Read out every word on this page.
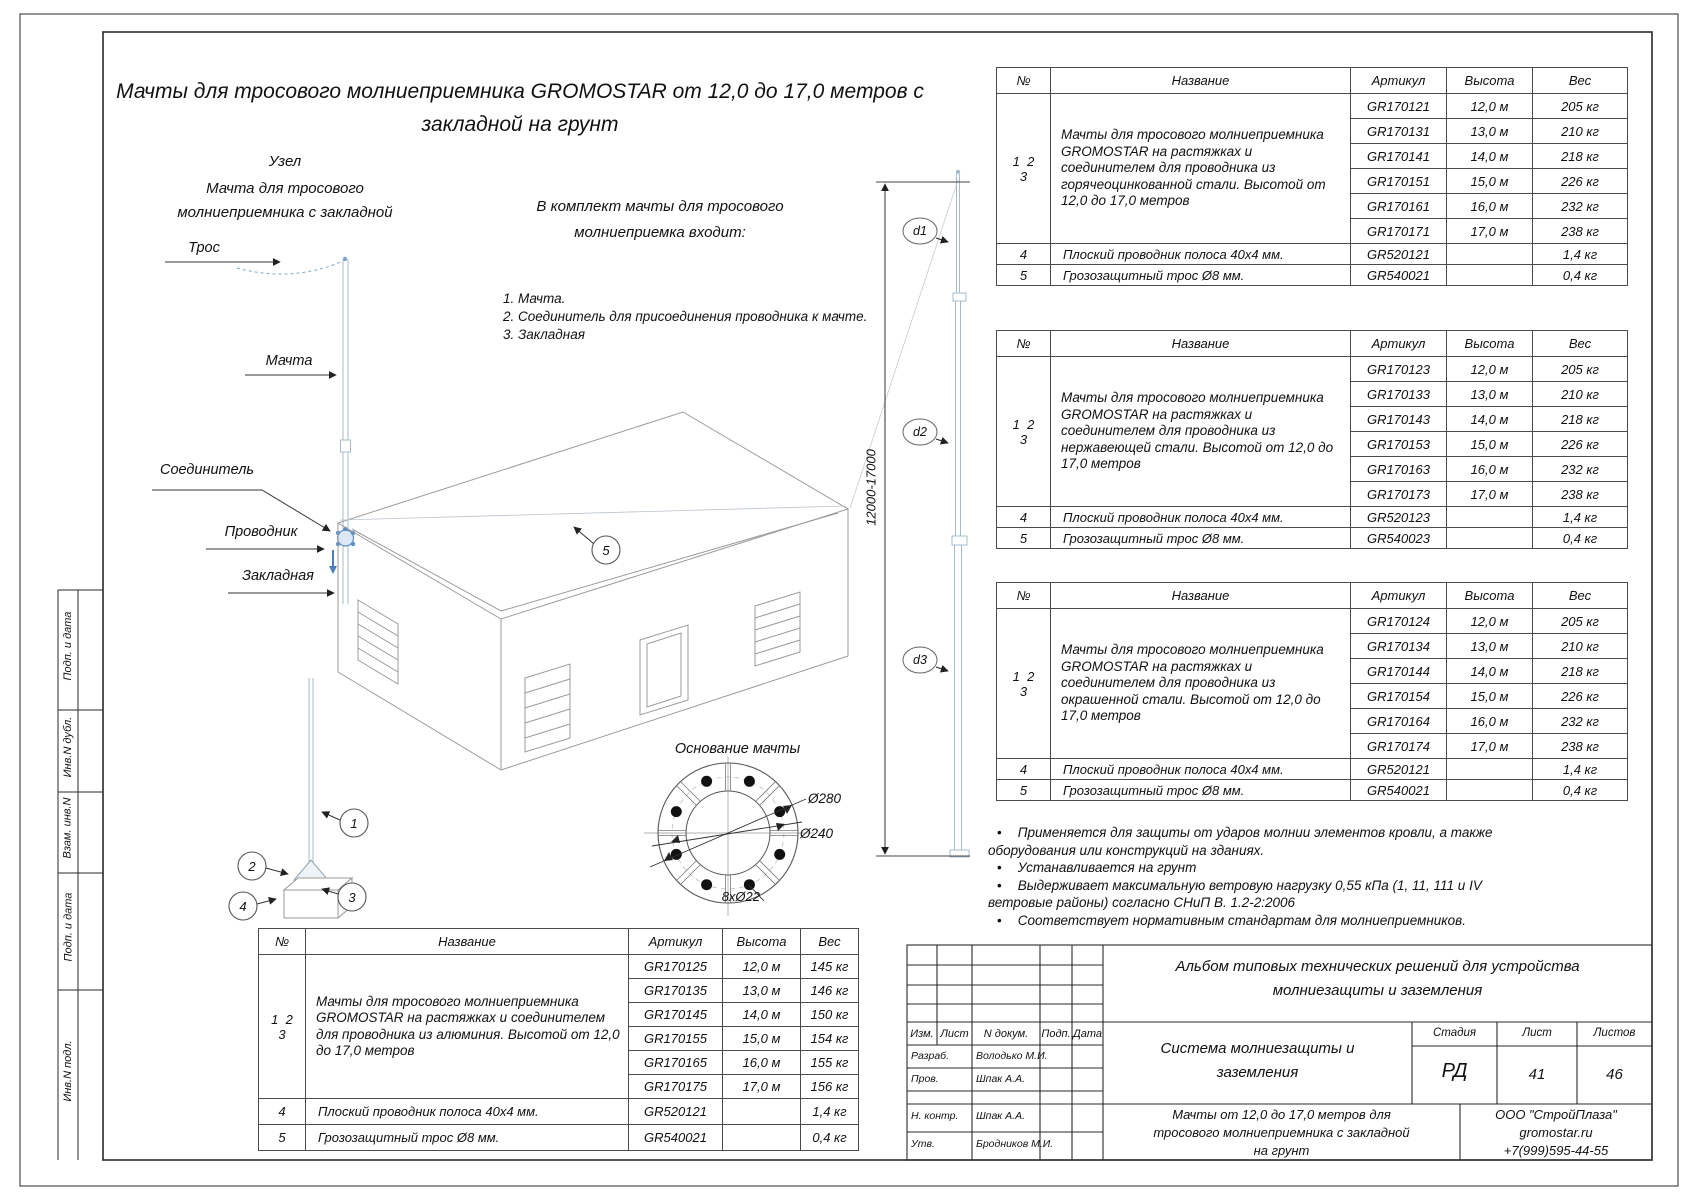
Мачты для тросового молниеприемника GROMOSTAR от 12,0 до 17,0 метров с
закладной на грунт
Узел
Мачта для тросового
молниеприемника с закладной
Трос
Мачта
Соединитель
Проводник
Закладная
В комплект мачты для тросового
молниеприемка входит:
1. Мачта.
2. Соединитель для присоединения проводника к мачте.
3. Закладная
12000-17000
d1
d2
d3
1
2
3
4
5
Основание мачты
Ø280
Ø240
8хØ22
№	Название	Артикул	Высота	Вес

1  2
3	Мачты для тросового молниеприемника GROMOSTAR на растяжках и соединителем для проводника из горячеоцинкованной стали. Высотой от 12,0 до 17,0 метров	GR170121	12,0 м	205 кг
		GR170131	13,0 м	210 кг
		GR170141	14,0 м	218 кг
		GR170151	15,0 м	226 кг
		GR170161	16,0 м	232 кг
		GR170171	17,0 м	238 кг
4	Плоский проводник полоса 40х4 мм.	GR520121		1,4 кг
5	Грозозащитный трос Ø8 мм.	GR540021		0,4 кг
№	Название	Артикул	Высота	Вес

1  2
3	Мачты для тросового молниеприемника GROMOSTAR на растяжках и соединителем для проводника из нержавеющей стали. Высотой от 12,0 до 17,0 метров	GR170123	12,0 м	205 кг
		GR170133	13,0 м	210 кг
		GR170143	14,0 м	218 кг
		GR170153	15,0 м	226 кг
		GR170163	16,0 м	232 кг
		GR170173	17,0 м	238 кг
4	Плоский проводник полоса 40х4 мм.	GR520123		1,4 кг
5	Грозозащитный трос Ø8 мм.	GR540023		0,4 кг
№	Название	Артикул	Высота	Вес

1  2
3	Мачты для тросового молниеприемника GROMOSTAR на растяжках и соединителем для проводника из окрашенной стали. Высотой от 12,0 до 17,0 метров	GR170124	12,0 м	205 кг
		GR170134	13,0 м	210 кг
		GR170144	14,0 м	218 кг
		GR170154	15,0 м	226 кг
		GR170164	16,0 м	232 кг
		GR170174	17,0 м	238 кг
4	Плоский проводник полоса 40х4 мм.	GR520121		1,4 кг
5	Грозозащитный трос Ø8 мм.	GR540021		0,4 кг
№	Название	Артикул	Высота	Вес

1  2
3	Мачты для тросового молниеприемника GROMOSTAR на растяжках и соединителем для проводника из алюминия. Высотой от 12,0 до 17,0 метров	GR170125	12,0 м	145 кг
		GR170135	13,0 м	146 кг
		GR170145	14,0 м	150 кг
		GR170155	15,0 м	154 кг
		GR170165	16,0 м	155 кг
		GR170175	17,0 м	156 кг
4	Плоский проводник полоса 40х4 мм.	GR520121		1,4 кг
5	Грозозащитный трос Ø8 мм.	GR540021		0,4 кг
• Применяется для защиты от ударов молнии элементов кровли, а также оборудования или конструкций на зданиях.
• Устанавливается на грунт
• Выдерживает максимальную ветровую нагрузку 0,55 кПа (1, 11, 111 и IV ветровые районы) согласно СНиП В. 1.2-2:2006
• Соответствует нормативным стандартам для молниеприемников.
Подп. и дата
Инв.N дубл.
Взам. инв.N
Подп. и дата
Инв.N подл.
Альбом типовых технических решений для устройства
молниезащиты и заземления
Система молниезащиты и
заземления
Стадия	Лист	Листов
РД	41	46
Мачты от 12,0 до 17,0 метров для
тросового молниеприемника с закладной
на грунт
ООО "СтройПлаза"
gromostar.ru
+7(999)595-44-55
Изм. Лист	N докум.	Подп. Дата
Разраб.	Володько М.И.
Пров.	Шпак А.А.
Н. контр.	Шпак А.А.
Утв.	Бродников М.И.
